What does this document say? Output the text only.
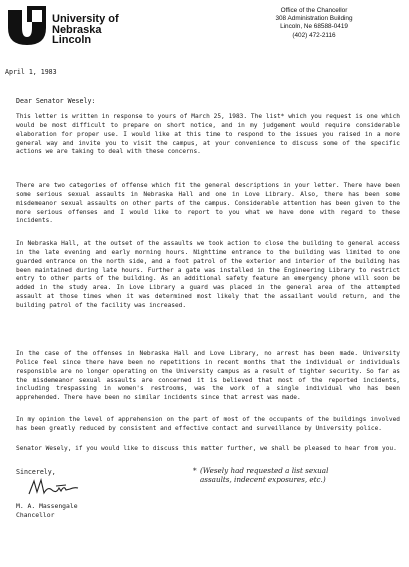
University of
Nebraska
Lincoln
Office of the Chancellor
308 Administration Building
Lincoln, Ne 68588-0419
(402) 472-2116
April 1, 1983
Dear Senator Wesely:

This letter is written in response to yours of March 25, 1983. The list* which you request is one which would be most difficult to prepare on short notice, and in my judgement would require considerable elaboration for proper use. I would like at this time to respond to the issues you raised in a more general way and invite you to visit the campus, at your convenience to discuss some of the specific actions we are taking to deal with these concerns.

There are two categories of offense which fit the general descriptions in your letter. There have been some serious sexual assaults in Nebraska Hall and one in Love Library. Also, there has been some misdemeanor sexual assaults on other parts of the campus. Considerable attention has been given to the more serious offenses and I would like to report to you what we have done with regard to these incidents.

In Nebraska Hall, at the outset of the assaults we took action to close the building to general access in the late evening and early morning hours. Nighttime entrance to the building was limited to one guarded entrance on the north side, and a foot patrol of the exterior and interior of the building has been maintained during late hours. Further a gate was installed in the Engineering Library to restrict entry to other parts of the building. As an additional safety feature an emergency phone will soon be added in the study area. In Love Library a guard was placed in the general area of the attempted assault at those times when it was determined most likely that the assailant would return, and the building patrol of the facility was increased.

In the case of the offenses in Nebraska Hall and Love Library, no arrest has been made. University Police feel since there have been no repetitions in recent months that the individual or individuals responsible are no longer operating on the University campus as a result of tighter security. So far as the misdemeanor sexual assaults are concerned it is believed that most of the reported incidents, including trespassing in women's restrooms, was the work of a single individual who has been apprehended. There have been no similar incidents since that arrest was made.

In my opinion the level of apprehension on the part of most of the occupants of the buildings involved has been greatly reduced by consistent and effective contact and surveillance by University police.

Senator Wesely, if you would like to discuss this matter further, we shall be pleased to hear from you.

Sincerely,
M. A. Massengale
Chancellor
* (Wesely had requested a list sexual
assaults, indecent exposures, etc.)
